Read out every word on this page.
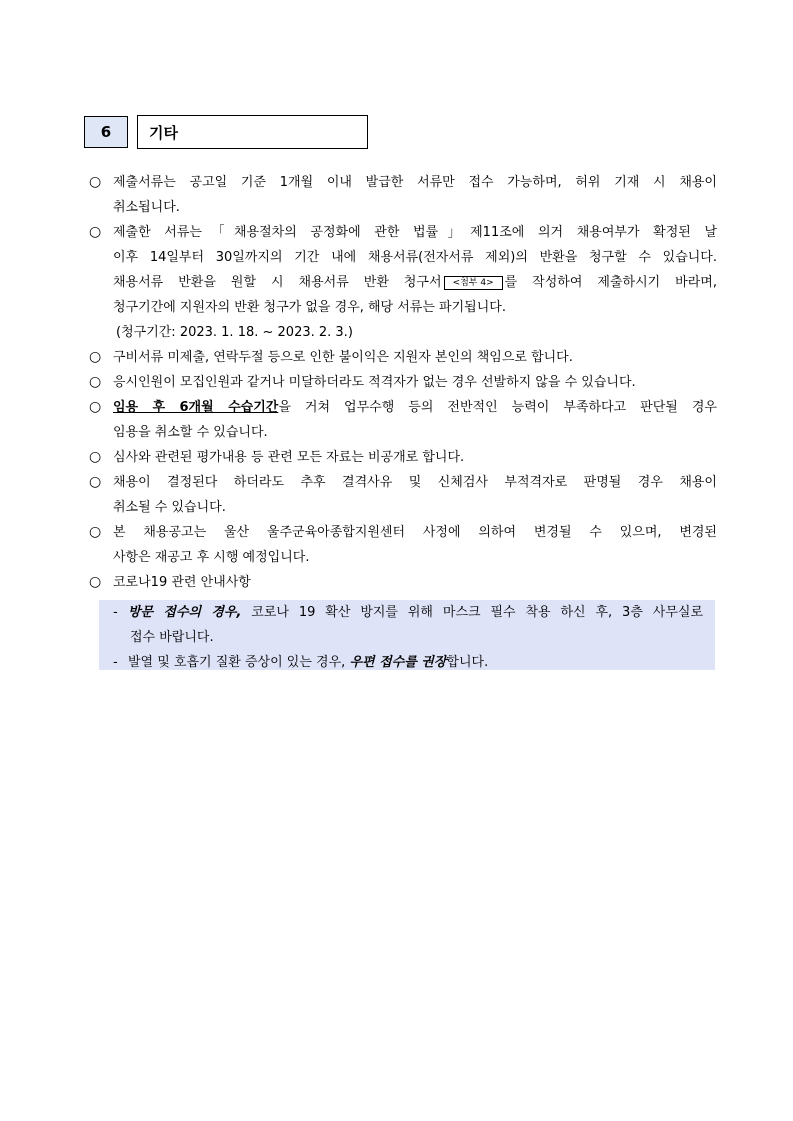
6	기타
○ 제출서류는 공고일 기준 1개월 이내 발급한 서류만 접수 가능하며, 허위 기재 시 채용이
취소됩니다.
○ 제출한 서류는「채용절차의 공정화에 관한 법률」제11조에 의거 채용여부가 확정된 날
이후 14일부터 30일까지의 기간 내에 채용서류(전자서류 제외)의 반환을 청구할 수 있습니다.
채용서류 반환을 원할 시 채용서류 반환 청구서 <첨부 4> 를 작성하여 제출하시기 바라며,
청구기간에 지원자의 반환 청구가 없을 경우, 해당 서류는 파기됩니다.
(청구기간: 2023. 1. 18. ~ 2023. 2. 3.)
○ 구비서류 미제출, 연락두절 등으로 인한 불이익은 지원자 본인의 책임으로 합니다.
○ 응시인원이 모집인원과 같거나 미달하더라도 적격자가 없는 경우 선발하지 않을 수 있습니다.
○ 임용 후 6개월 수습기간을 거쳐 업무수행 등의 전반적인 능력이 부족하다고 판단될 경우
임용을 취소할 수 있습니다.
○ 심사와 관련된 평가내용 등 관련 모든 자료는 비공개로 합니다.
○ 채용이 결정된다 하더라도 추후 결격사유 및 신체검사 부적격자로 판명될 경우 채용이
취소될 수 있습니다.
○ 본 채용공고는 울산 울주군육아종합지원센터 사정에 의하여 변경될 수 있으며, 변경된
사항은 재공고 후 시행 예정입니다.
○ 코로나19 관련 안내사항
- 방문 접수의 경우, 코로나 19 확산 방지를 위해 마스크 필수 착용 하신 후, 3층 사무실로
접수 바랍니다.
- 발열 및 호흡기 질환 증상이 있는 경우, 우편 접수를 권장합니다.
